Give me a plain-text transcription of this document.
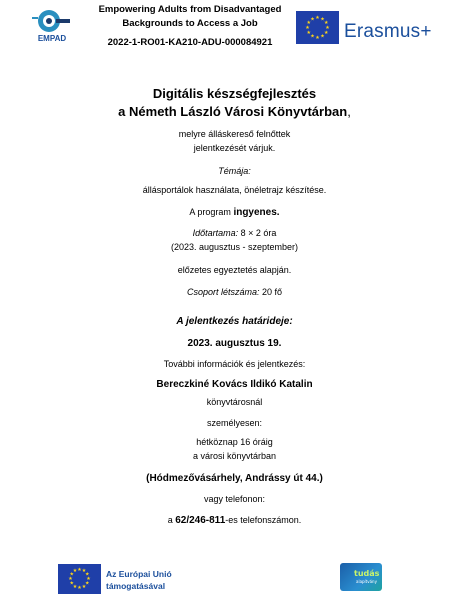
EMPAD
Empowering Adults from Disadvantaged
Backgrounds to Access a Job
2022-1-RO01-KA210-ADU-000084921
★ ★
★
★
★
★
★
★
★
★
★
★
Erasmus+
Digitális készségfejlesztés
a Németh László Városi Könyvtárban,
melyre álláskereső felnőttek
jelentkezését várjuk.
Témája:
állásportálok használata, önéletrajz készítése.
A program ingyenes.
Időtartama: 8 × 2 óra
(2023. augusztus - szeptember)
előzetes egyeztetés alapján.
Csoport létszáma: 20 fő
A jelentkezés határideje:
2023. augusztus 19.
További információk és jelentkezés:
Bereczkiné Kovács Ildikó Katalin
könyvtárosnál
személyesen:
hétköznap 16 óráig
a városi könyvtárban
(Hódmezővásárhely, Andrássy út 44.)
vagy telefonon:
a 62/246-811-es telefonszámon.
★ ★
★
★
★
★
★
★
★
★
★
★	Az Európai Unió
támogatásával
tudás
alapítvány
